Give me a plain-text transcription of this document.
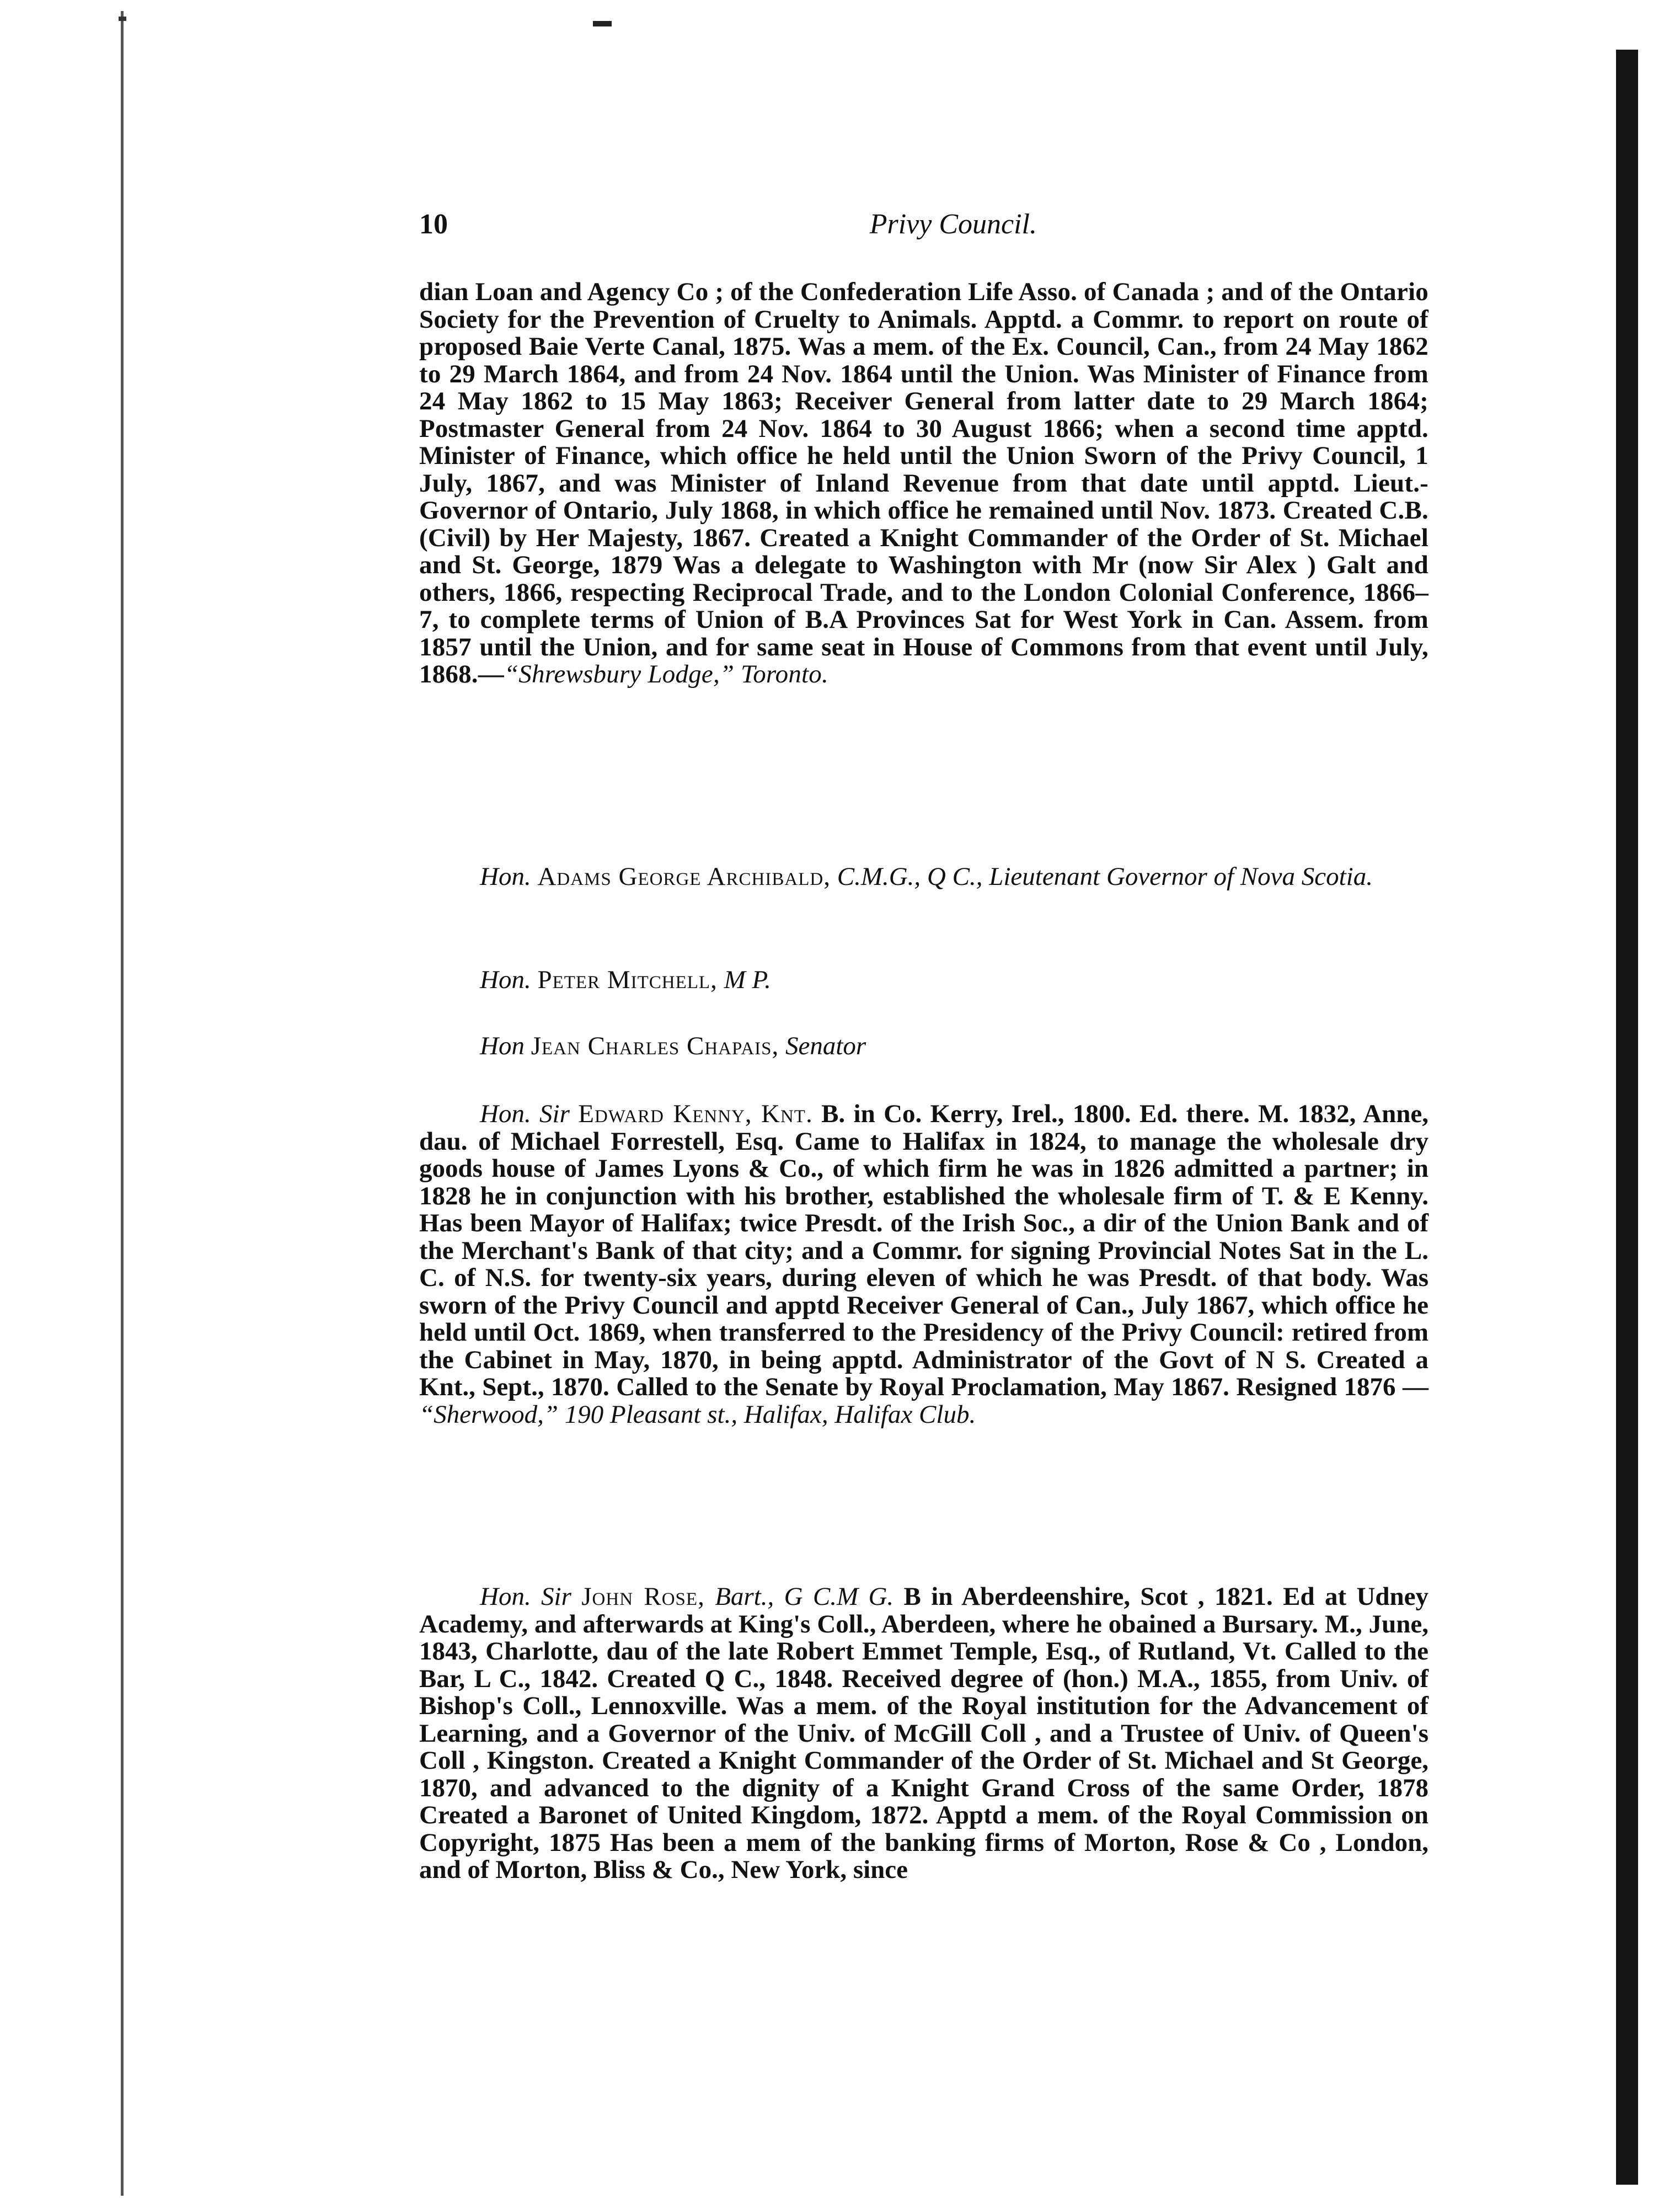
10	Privy Council.

dian Loan and Agency Co ; of the Confederation Life Asso. of Canada ; and of the Ontario Society for the Prevention of Cruelty to Animals. Apptd. a Commr. to report on route of proposed Baie Verte Canal, 1875. Was a mem. of the Ex. Council, Can., from 24 May 1862 to 29 March 1864, and from 24 Nov. 1864 until the Union. Was Minister of Finance from 24 May 1862 to 15 May 1863; Receiver General from latter date to 29 March 1864; Postmaster General from 24 Nov. 1864 to 30 August 1866; when a second time apptd. Minister of Finance, which office he held until the Union Sworn of the Privy Council, 1 July, 1867, and was Minister of Inland Revenue from that date until apptd. Lieut.-Governor of Ontario, July 1868, in which office he remained until Nov. 1873. Created C.B. (Civil) by Her Majesty, 1867. Created a Knight Commander of the Order of St. Michael and St. George, 1879 Was a delegate to Washington with Mr (now Sir Alex ) Galt and others, 1866, respecting Reciprocal Trade, and to the London Colonial Conference, 1866–7, to complete terms of Union of B.A Provinces Sat for West York in Can. Assem. from 1857 until the Union, and for same seat in House of Commons from that event until July, 1868.—“Shrewsbury Lodge,” Toronto.

Hon. Adams George Archibald, C.M.G., Q C., Lieutenant Governor of Nova Scotia.

Hon. Peter Mitchell, M P.
Hon Jean Charles Chapais, Senator

Hon. Sir Edward Kenny, Knt. B. in Co. Kerry, Irel., 1800. Ed. there. M. 1832, Anne, dau. of Michael Forrestell, Esq. Came to Halifax in 1824, to manage the wholesale dry goods house of James Lyons & Co., of which firm he was in 1826 admitted a partner; in 1828 he in conjunction with his brother, established the wholesale firm of T. & E Kenny. Has been Mayor of Halifax; twice Presdt. of the Irish Soc., a dir of the Union Bank and of the Merchant's Bank of that city; and a Commr. for signing Provincial Notes Sat in the L. C. of N.S. for twenty-six years, during eleven of which he was Presdt. of that body. Was sworn of the Privy Council and apptd Receiver General of Can., July 1867, which office he held until Oct. 1869, when transferred to the Presidency of the Privy Council: retired from the Cabinet in May, 1870, in being apptd. Administrator of the Govt of N S. Created a Knt., Sept., 1870. Called to the Senate by Royal Proclamation, May 1867. Resigned 1876 — “Sherwood,” 190 Pleasant st., Halifax, Halifax Club.

Hon. Sir John Rose, Bart., G C.M G. B in Aberdeenshire, Scot , 1821. Ed at Udney Academy, and afterwards at King's Coll., Aberdeen, where he obained a Bursary. M., June, 1843, Charlotte, dau of the late Robert Emmet Temple, Esq., of Rutland, Vt. Called to the Bar, L C., 1842. Created Q C., 1848. Received degree of (hon.) M.A., 1855, from Univ. of Bishop's Coll., Lennoxville. Was a mem. of the Royal institution for the Advancement of Learning, and a Governor of the Univ. of McGill Coll , and a Trustee of Univ. of Queen's Coll , Kingston. Created a Knight Commander of the Order of St. Michael and St George, 1870, and advanced to the dignity of a Knight Grand Cross of the same Order, 1878 Created a Baronet of United Kingdom, 1872. Apptd a mem. of the Royal Commission on Copyright, 1875 Has been a mem of the banking firms of Morton, Rose & Co , London, and of Morton, Bliss & Co., New York, since
